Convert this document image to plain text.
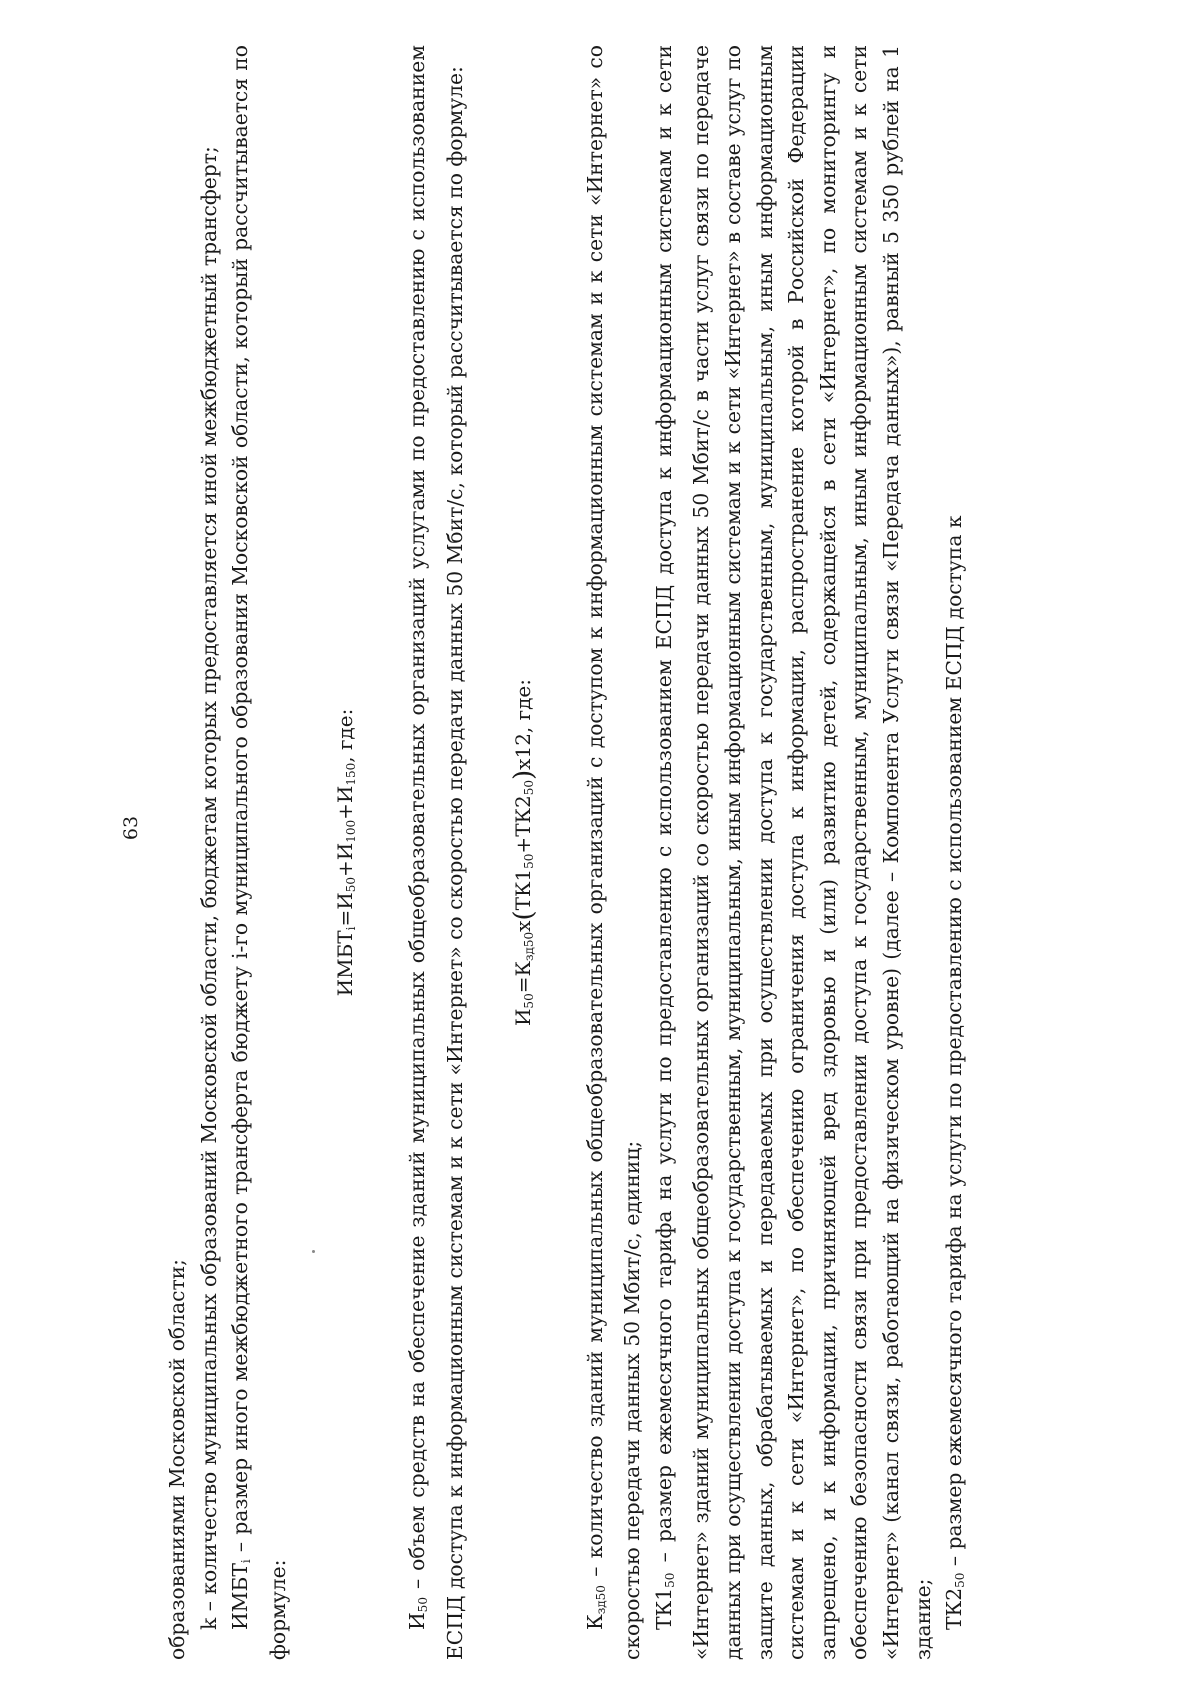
63

образованиями Московской области; k – количество муниципальных образований Московской области, бюджетам которых предоставляется иной межбюджетный трансферт; $ИМБТ_i$ – размер иного межбюджетного трансферта бюджету i-го муниципального образования Московской области, который рассчитывается по формуле:

$ИМБТ_i=И_{50}+И_{100}+И_{150}$, где:

$И_{50}$ – объем средств на обеспечение зданий муниципальных общеобразовательных организаций услугами по предоставлению с использованием ЕСПД доступа к информационным системам и к сети «Интернет» со скоростью передачи данных 50 Мбит/с, который рассчитывается по формуле:	$И_{50}=К_{зд50}x(ТК1_{50}+ТК2_{50})x12$, где:

$К_{зд50}$ – количество зданий муниципальных общеобразовательных организаций с доступом к информационным системам и к сети «Интернет» со скоростью передачи данных 50 Мбит/с, единиц; $ТК1_{50}$ – размер ежемесячного тарифа на услуги по предоставлению с использованием ЕСПД доступа к информационным системам и к сети «Интернет» зданий муниципальных общеобразовательных организаций со скоростью передачи данных 50 Мбит/с в части услуг связи по передаче данных при осуществлении доступа к государственным, муниципальным, иным информационным системам и к сети «Интернет» в составе услуг по защите данных, обрабатываемых и передаваемых при осуществлении доступа к государственным, муниципальным, иным информационным системам и к сети «Интернет», по обеспечению ограничения доступа к информации, распространение которой в Российской Федерации запрещено, и к информации, причиняющей вред здоровью и (или) развитию детей, содержащейся в сети «Интернет», по мониторингу и обеспечению безопасности связи при предоставлении доступа к государственным, муниципальным, иным информационным системам и к сети «Интернет» (канал связи, работающий на физическом уровне) (далее – Компонента Услуги связи «Передача данных»), равный 5 350 рублей на 1 здание; $ТК2_{50}$ – размер ежемесячного тарифа на услуги по предоставлению с использованием ЕСПД доступа к
